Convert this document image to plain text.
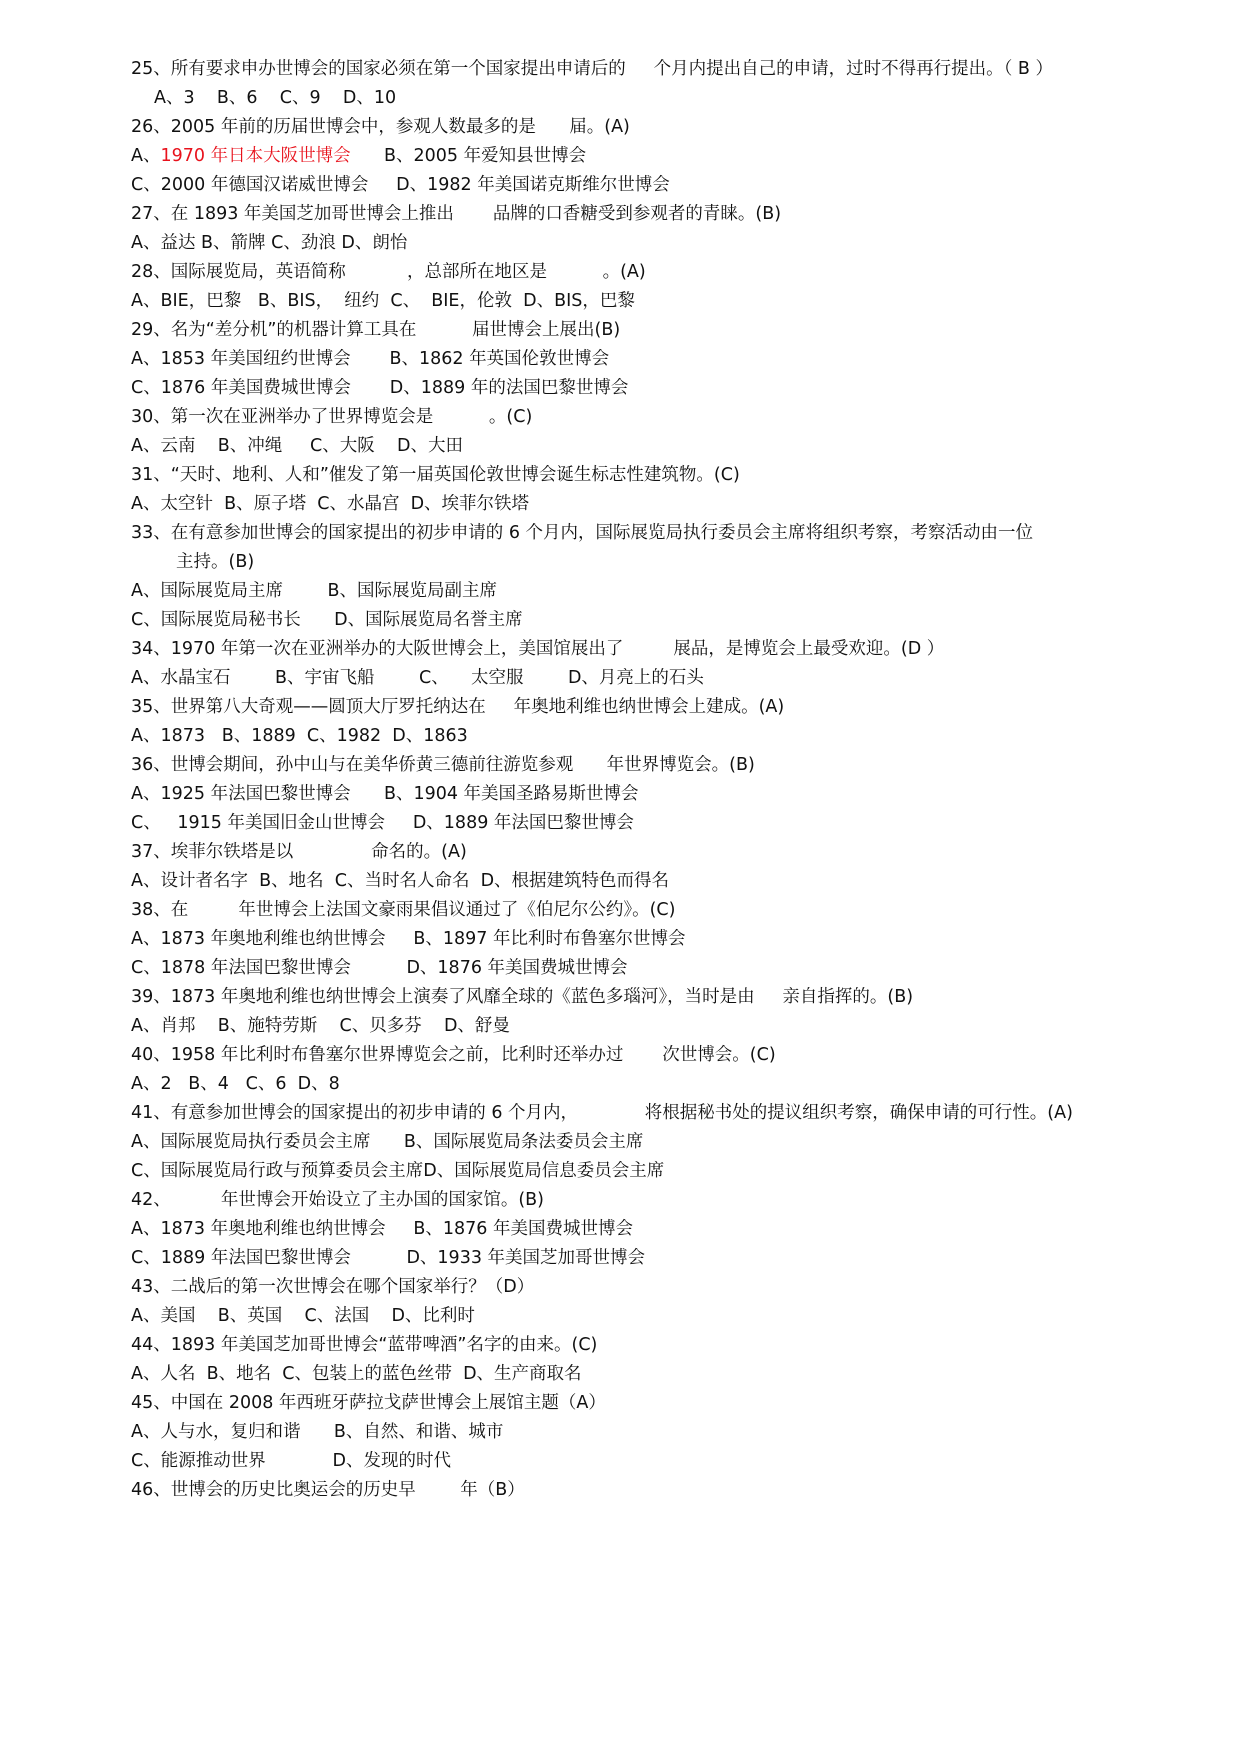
25、所有要求申办世博会的国家必须在第一个国家提出申请后的     个月内提出自己的申请，过时不得再行提出。（ B ）
A、3    B、6    C、9    D、10
26、2005 年前的历届世博会中，参观人数最多的是      届。(A)
A、1970 年日本大阪世博会      B、2005 年爱知县世博会
C、2000 年德国汉诺威世博会     D、1982 年美国诺克斯维尔世博会
27、在 1893 年美国芝加哥世博会上推出       品牌的口香糖受到参观者的青睐。(B)
A、益达 B、箭牌 C、劲浪 D、朗怡
28、国际展览局，英语简称           ，总部所在地区是          。(A)
A、BIE，巴黎   B、BIS，  纽约  C、  BIE，伦敦  D、BIS，巴黎
29、名为“差分机”的机器计算工具在          届世博会上展出(B)
A、1853 年美国纽约世博会       B、1862 年英国伦敦世博会
C、1876 年美国费城世博会       D、1889 年的法国巴黎世博会
30、第一次在亚洲举办了世界博览会是          。(C)
A、云南    B、冲绳     C、大阪    D、大田
31、“天时、地利、人和”催发了第一届英国伦敦世博会诞生标志性建筑物。(C)
A、太空针  B、原子塔  C、水晶宫  D、埃菲尔铁塔
33、在有意参加世博会的国家提出的初步申请的 6 个月内，国际展览局执行委员会主席将组织考察，考察活动由一位
主持。(B)
A、国际展览局主席        B、国际展览局副主席
C、国际展览局秘书长      D、国际展览局名誉主席
34、1970 年第一次在亚洲举办的大阪世博会上，美国馆展出了         展品，是博览会上最受欢迎。(D ）
A、水晶宝石        B、宇宙飞船        C、    太空服        D、月亮上的石头
35、世界第八大奇观——圆顶大厅罗托纳达在     年奥地利维也纳世博会上建成。(A)
A、1873   B、1889  C、1982  D、1863
36、世博会期间，孙中山与在美华侨黄三德前往游览参观      年世界博览会。(B)
A、1925 年法国巴黎世博会      B、1904 年美国圣路易斯世博会
C、   1915 年美国旧金山世博会     D、1889 年法国巴黎世博会
37、埃菲尔铁塔是以              命名的。(A)
A、设计者名字  B、地名  C、当时名人命名  D、根据建筑特色而得名
38、在         年世博会上法国文豪雨果倡议通过了《伯尼尔公约》。(C)
A、1873 年奥地利维也纳世博会     B、1897 年比利时布鲁塞尔世博会
C、1878 年法国巴黎世博会          D、1876 年美国费城世博会
39、1873 年奥地利维也纳世博会上演奏了风靡全球的《蓝色多瑙河》，当时是由     亲自指挥的。(B)
A、肖邦    B、施特劳斯    C、贝多芬    D、舒曼
40、1958 年比利时布鲁塞尔世界博览会之前，比利时还举办过       次世博会。(C)
A、2   B、4   C、6  D、8
41、有意参加世博会的国家提出的初步申请的 6 个月内，            将根据秘书处的提议组织考察，确保申请的可行性。(A)
A、国际展览局执行委员会主席      B、国际展览局条法委员会主席
C、国际展览局行政与预算委员会主席D、国际展览局信息委员会主席
42、         年世博会开始设立了主办国的国家馆。(B)
A、1873 年奥地利维也纳世博会     B、1876 年美国费城世博会
C、1889 年法国巴黎世博会          D、1933 年美国芝加哥世博会
43、二战后的第一次世博会在哪个国家举行？（D）
A、美国    B、英国    C、法国    D、比利时
44、1893 年美国芝加哥世博会“蓝带啤酒”名字的由来。(C)
A、人名  B、地名  C、包装上的蓝色丝带  D、生产商取名
45、中国在 2008 年西班牙萨拉戈萨世博会上展馆主题（A）
A、人与水，复归和谐      B、自然、和谐、城市
C、能源推动世界            D、发现的时代
46、世博会的历史比奥运会的历史早        年（B）
